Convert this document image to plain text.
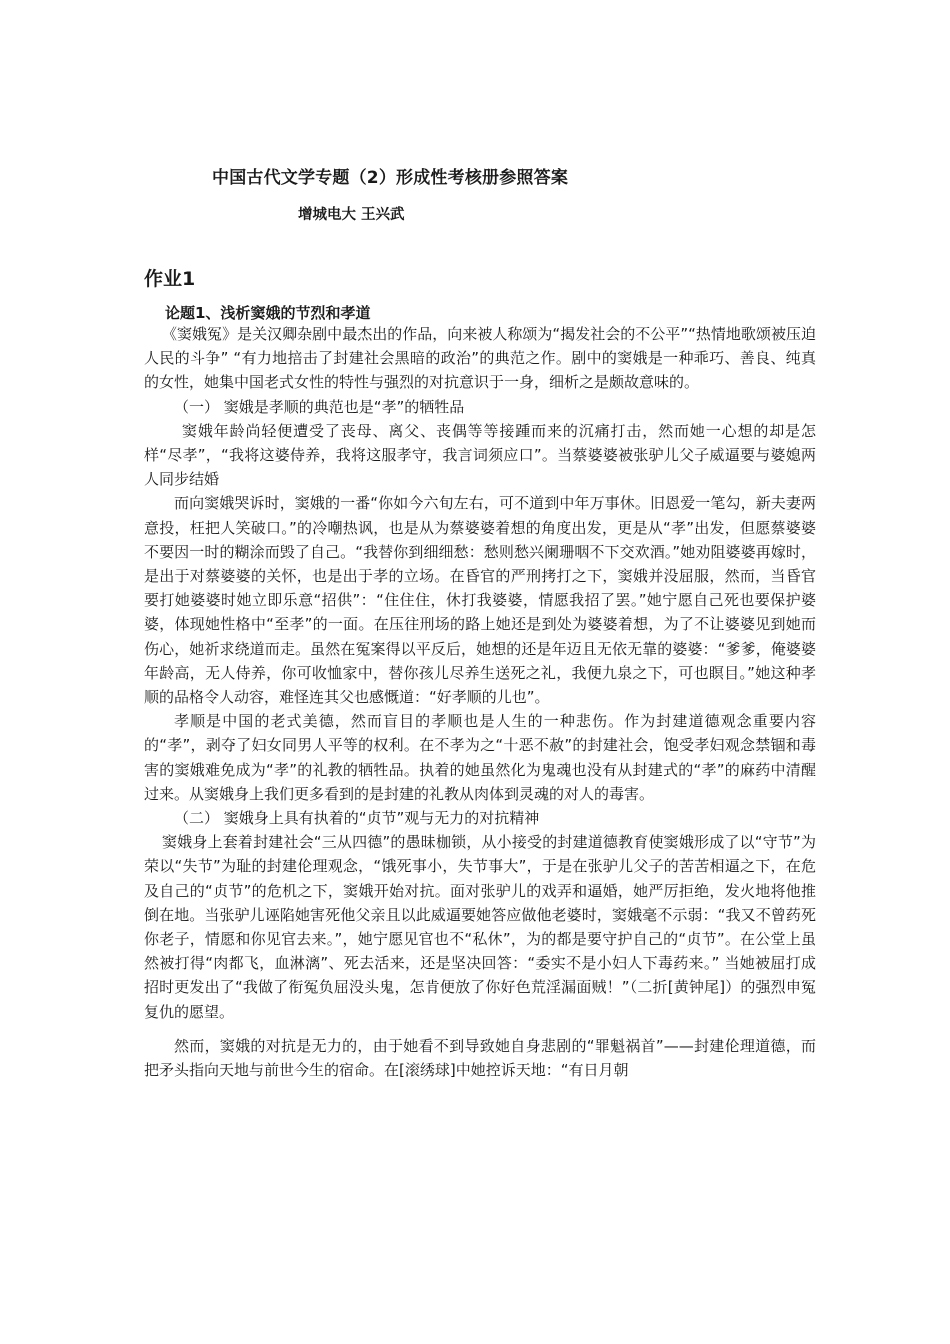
中国古代文学专题（2）形成性考核册参照答案
增城电大 王兴武
作业1
论题1、浅析窦娥的节烈和孝道

《窦娥冤》是关汉卿杂剧中最杰出的作品，向来被人称颂为“揭发社会的不公平”“热情地歌颂被压迫人民的斗争” “有力地掊击了封建社会黑暗的政治”的典范之作。剧中的窦娥是一种乖巧、善良、纯真的女性，她集中国老式女性的特性与强烈的对抗意识于一身，细析之是颇故意味的。

（一） 窦娥是孝顺的典范也是“孝”的牺牲品

窦娥年龄尚轻便遭受了丧母、离父、丧偶等等接踵而来的沉痛打击，然而她一心想的却是怎样“尽孝”，“我将这婆侍养，我将这服孝守，我言词须应口”。当蔡婆婆被张驴儿父子威逼要与婆媳两人同步结婚

而向窦娥哭诉时，窦娥的一番“你如今六旬左右，可不道到中年万事休。旧恩爱一笔勾，新夫妻两意投，枉把人笑破口。”的冷嘲热讽，也是从为蔡婆婆着想的角度出发，更是从“孝”出发，但愿蔡婆婆不要因一时的糊涂而毁了自己。“我替你到细细愁：愁则愁兴阑珊咽不下交欢酒。”她劝阻婆婆再嫁时，是出于对蔡婆婆的关怀，也是出于孝的立场。在昏官的严刑拷打之下，窦娥并没屈服，然而，当昏官要打她婆婆时她立即乐意“招供”：“住住住，休打我婆婆，情愿我招了罢。”她宁愿自己死也要保护婆婆，体现她性格中“至孝”的一面。在压往刑场的路上她还是到处为婆婆着想，为了不让婆婆见到她而伤心，她祈求绕道而走。虽然在冤案得以平反后，她想的还是年迈且无依无靠的婆婆：“爹爹，俺婆婆年龄高，无人侍养，你可收恤家中，替你孩儿尽养生送死之礼，我便九泉之下，可也瞑目。”她这种孝顺的品格令人动容，难怪连其父也感慨道：“好孝顺的儿也”。

孝顺是中国的老式美德，然而盲目的孝顺也是人生的一种悲伤。作为封建道德观念重要内容的“孝”，剥夺了妇女同男人平等的权利。在不孝为之“十恶不赦”的封建社会，饱受孝妇观念禁锢和毒害的窦娥难免成为“孝”的礼教的牺牲品。执着的她虽然化为鬼魂也没有从封建式的“孝”的麻药中清醒过来。从窦娥身上我们更多看到的是封建的礼教从肉体到灵魂的对人的毒害。

（二） 窦娥身上具有执着的“贞节”观与无力的对抗精神

窦娥身上套着封建社会“三从四德”的愚昧枷锁，从小接受的封建道德教育使窦娥形成了以“守节”为荣以“失节”为耻的封建伦理观念，“饿死事小，失节事大”，于是在张驴儿父子的苦苦相逼之下，在危及自己的“贞节”的危机之下，窦娥开始对抗。面对张驴儿的戏弄和逼婚，她严厉拒绝，发火地将他推倒在地。当张驴儿诬陷她害死他父亲且以此威逼要她答应做他老婆时，窦娥毫不示弱：“我又不曾药死你老子，情愿和你见官去来。”，她宁愿见官也不“私休”，为的都是要守护自己的“贞节”。在公堂上虽然被打得“肉都飞，血淋漓”、死去活来，还是坚决回答：“委实不是小妇人下毒药来。” 当她被屈打成招时更发出了“我做了衔冤负屈没头鬼，怎肯便放了你好色荒淫漏面贼！”（二折[黄钟尾]）的强烈申冤复仇的愿望。

然而，窦娥的对抗是无力的，由于她看不到导致她自身悲剧的“罪魁祸首”——封建伦理道德，而把矛头指向天地与前世今生的宿命。在[滚绣球]中她控诉天地：“有日月朝
